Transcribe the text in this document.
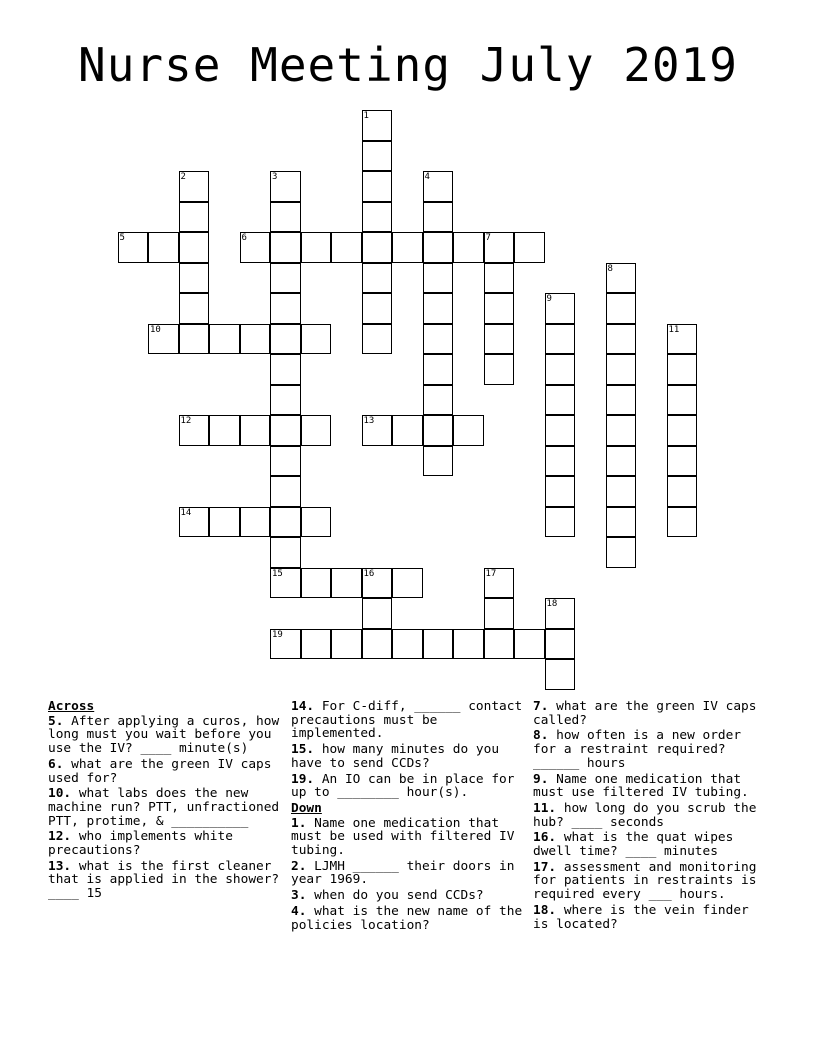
Nurse Meeting July 2019
1
2	3	4
5	6	7
8
9
10	11
12	13
14
15	16	17
18
19
Across

5. After applying a curos, how long must you wait before you use the IV? ____ minute(s)

6. what are the green IV caps used for?

10. what labs does the new machine run? PTT, unfractioned PTT, protime, & __________

12. who implements white precautions?

13. what is the first cleaner that is applied in the shower? ____ 15

14. For C-diff, ______ contact precautions must be implemented.

15. how many minutes do you have to send CCDs?

19. An IO can be in place for up to ________ hour(s).

Down

1. Name one medication that must be used with filtered IV tubing.

2. LJMH ______ their doors in year 1969.

3. when do you send CCDs?

4. what is the new name of the policies location?

7. what are the green IV caps called?

8. how often is a new order for a restraint required? ______ hours

9. Name one medication that must use filtered IV tubing.

11. how long do you scrub the hub? ____ seconds

16. what is the quat wipes dwell time? ____ minutes

17. assessment and monitoring for patients in restraints is required every ___ hours.

18. where is the vein finder is located?
